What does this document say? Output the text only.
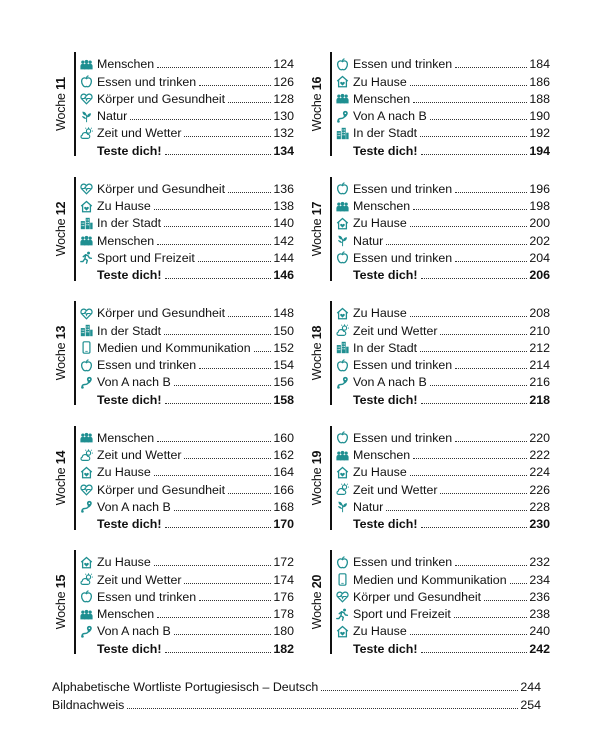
Woche 11
Menschen	124
Essen und trinken	126
Körper und Gesundheit	128
Natur	130
Zeit und Wetter	132
Teste dich!	134
Woche 12
Körper und Gesundheit	136
Zu Hause	138
In der Stadt	140
Menschen	142
Sport und Freizeit	144
Teste dich!	146
Woche 13
Körper und Gesundheit	148
In der Stadt	150
Medien und Kommunikation 152
Essen und trinken	154
Von A nach B	156
Teste dich!	158
Woche 14
Menschen	160
Zeit und Wetter	162
Zu Hause	164
Körper und Gesundheit	166
Von A nach B	168
Teste dich!	170
Woche 15
Zu Hause	172
Zeit und Wetter	174
Essen und trinken	176
Menschen	178
Von A nach B	180
Teste dich!	182
Woche 16
Essen und trinken	184
Zu Hause	186
Menschen	188
Von A nach B	190
In der Stadt	192
Teste dich!	194
Woche 17
Essen und trinken	196
Menschen	198
Zu Hause	200
Natur	202
Essen und trinken	204
Teste dich!	206
Woche 18
Zu Hause	208
Zeit und Wetter	210
In der Stadt	212
Essen und trinken	214
Von A nach B	216
Teste dich!	218
Woche 19
Essen und trinken	220
Menschen	222
Zu Hause	224
Zeit und Wetter	226
Natur	228
Teste dich!	230
Woche 20
Essen und trinken	232
Medien und Kommunikation 234
Körper und Gesundheit	236
Sport und Freizeit	238
Zu Hause	240
Teste dich!	242
Alphabetische Wortliste Portugiesisch – Deutsch	244
Bildnachweis	254
